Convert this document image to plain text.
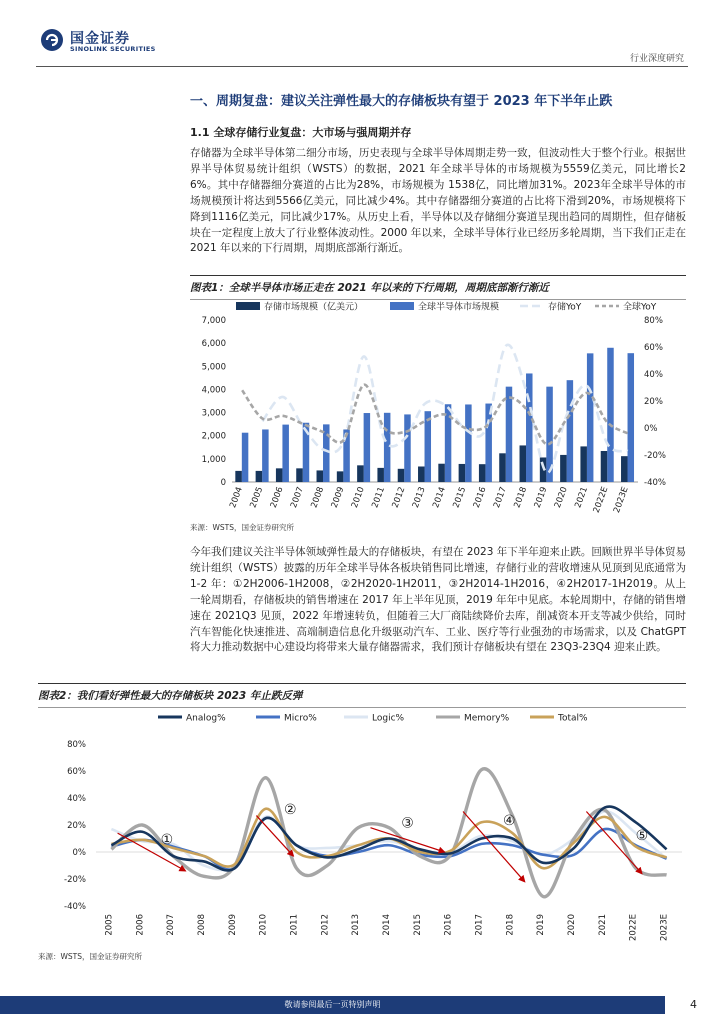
国金证券
SINOLINK SECURITIES
行业深度研究
一、周期复盘：建议关注弹性最大的存储板块有望于 2023 年下半年止跌
1.1 全球存储行业复盘：大市场与强周期并存
存储器为全球半导体第二细分市场，历史表现与全球半导体周期走势一致，但波动性大于整个行业。根据世界半导体贸易统计组织（WSTS）的数据，2021 年全球半导体的市场规模为5559亿美元，同比增长26%。其中存储器细分赛道的占比为28%，市场规模为 1538亿，同比增加31%。2023年全球半导体的市场规模预计将达到5566亿美元，同比减少4%。其中存储器细分赛道的占比将下滑到20%，市场规模将下降到1116亿美元，同比减少17%。从历史上看，半导体以及存储细分赛道呈现出趋同的周期性，但存储板块在一定程度上放大了行业整体波动性。2000 年以来，全球半导体行业已经历多轮周期，当下我们正走在 2021 年以来的下行周期，周期底部渐行渐近。
图表1：全球半导体市场正走在 2021 年以来的下行周期，周期底部渐行渐近
存储市场规模（亿美元）	全球半导体市场规模	存储YoY	全球YoY
0
1,000
2,000
3,000
4,000
5,000
6,000
7,000
-40%
-20%
0%
20%
40%
60%
80%
2004 2005 2006 2007 2008 2009 2010 2011 2012 2013 2014 2015 2016 2017 2018 2019 2020 2021 2022E 2023E
来源：WSTS，国金证券研究所
今年我们建议关注半导体领域弹性最大的存储板块，有望在 2023 年下半年迎来止跌。回顾世界半导体贸易统计组织（WSTS）披露的历年全球半导体各板块销售同比增速，存储行业的营收增速从见顶到见底通常为 1-2 年：①2H2006-1H2008，②2H2020-1H2011，③2H2014-1H2016，④2H2017-1H2019。从上一轮周期看，存储板块的销售增速在 2017 年上半年见顶，2019 年年中见底。本轮周期中，存储的销售增速在 2021Q3 见顶，2022 年增速转负，但随着三大厂商陆续降价去库，削减资本开支等减少供给，同时汽车智能化快速推进、高端制造信息化升级驱动汽车、工业、医疗等行业强劲的市场需求，以及 ChatGPT 将大力推动数据中心建设均将带来大量存储器需求，我们预计存储板块有望在 23Q3-23Q4 迎来止跌。
图表2：我们看好弹性最大的存储板块 2023 年止跌反弹
Analog%	Micro%	Logic%	Memory%	Total%
-40%
-20%
0%
20%
40%
60%
80%
2005 2006 2007 2008 2009 2010 2011 2012 2013 2014 2015 2016 2017 2018 2019 2020 2021 2022E 2023E
①
②
③	④
⑤
来源：WSTS，国金证券研究所
敬请参阅最后一页特别声明	4
